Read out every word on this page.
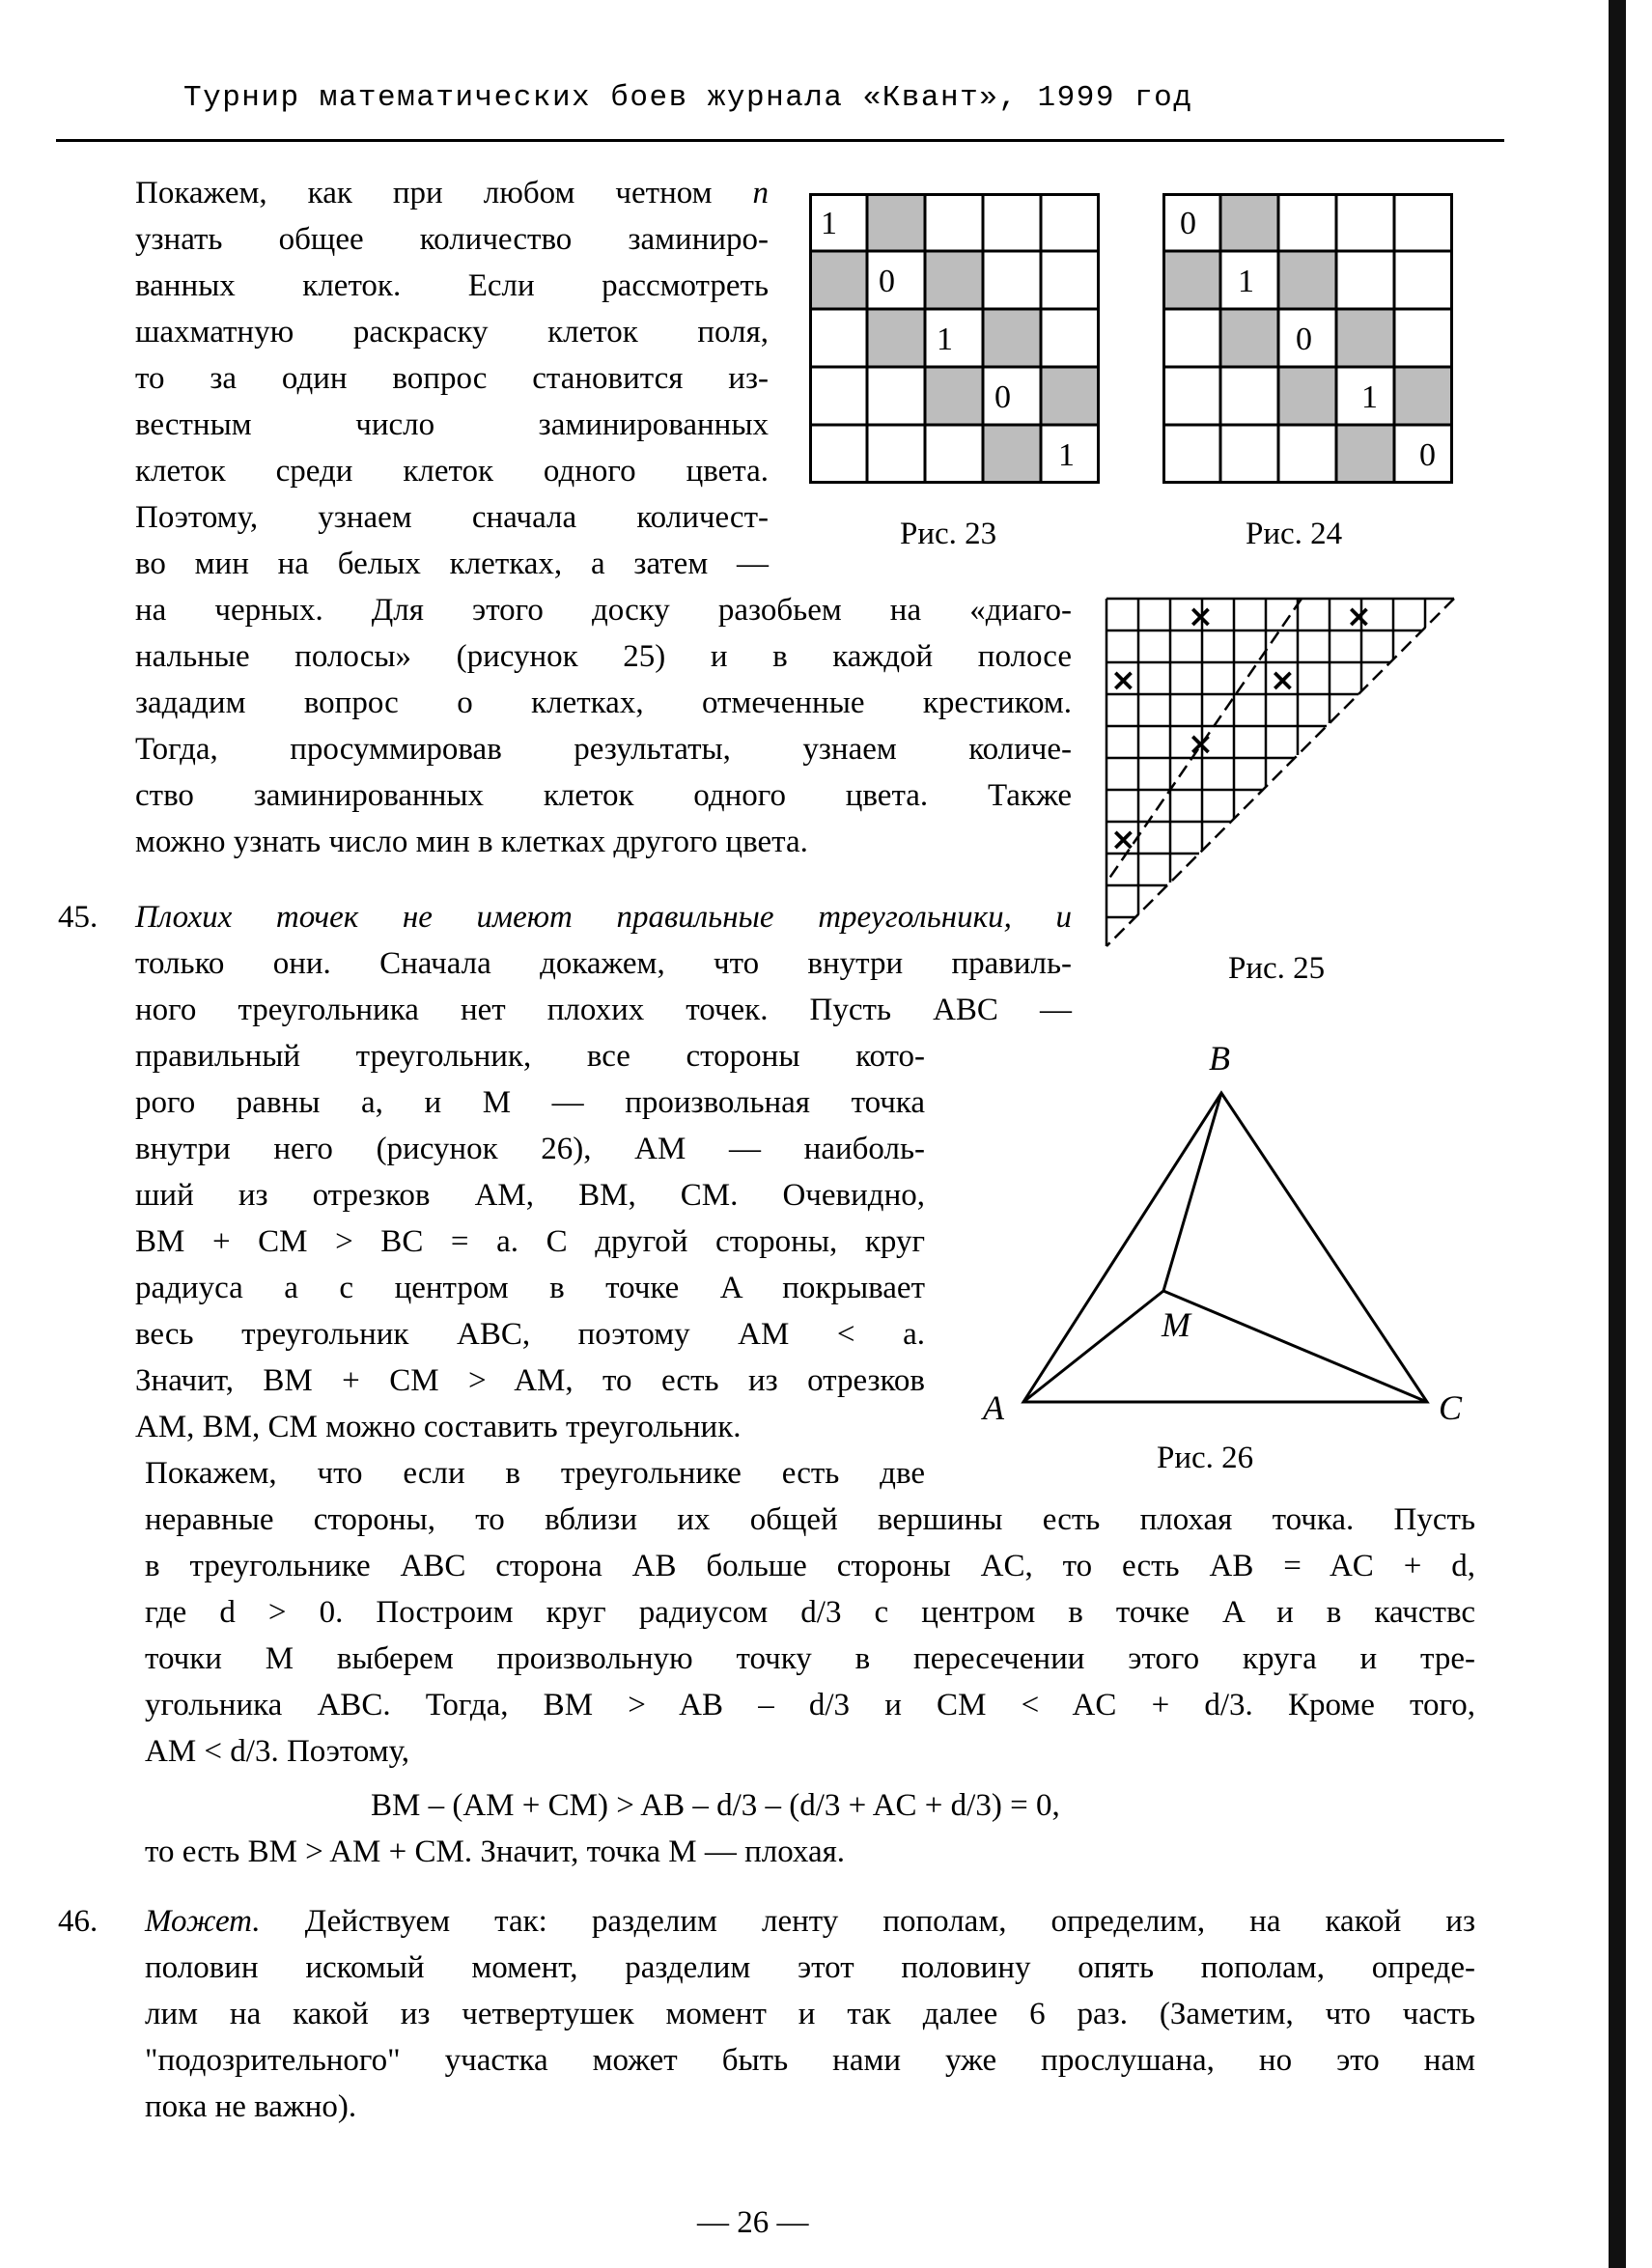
Турнир математических боев журнала «Квант», 1999 год
Покажем, как при любом четном n
узнать общее количество заминиро-
ванных клеток. Если рассмотреть
шахматную раскраску клеток поля,
то за один вопрос становится из-
вестным число заминированных
клеток среди клеток одного цвета.
Поэтому, узнаем сначала количест-
во мин на белых клетках, а затем —
на черных. Для этого доску разобьем на «диаго-
нальные полосы» (рисунок 25) и в каждой полосе
зададим вопрос о клетках, отмеченные крестиком.
Тогда, просуммировав результаты, узнаем количе-
ство заминированных клеток одного цвета. Также
можно узнать число мин в клетках другого цвета.
1
0
1
0
1
Рис. 23
0
1
0
1
0
Рис. 24
×	×
×	×
×
×
Рис. 25
45. Плохих точек не имеют правильные треугольники, и
только они. Сначала докажем, что внутри правиль-
ного треугольника нет плохих точек. Пусть ABC —
правильный треугольник, все стороны кото-
рого равны a, и M — произвольная точка
внутри него (рисунок 26), AM — наиболь-
ший из отрезков AM, BM, CM. Очевидно,
BM + CM > BC = a. С другой стороны, круг
радиуса a с центром в точке A покрывает
весь треугольник ABC, поэтому AM < a.
Значит, BM + CM > AM, то есть из отрезков
AM, BM, CM можно составить треугольник.
Покажем, что если в треугольнике есть две
неравные стороны, то вблизи их общей вершины есть плохая точка. Пусть
в треугольнике ABC сторона AB больше стороны AC, то есть AB = AC + d,
где d > 0. Построим круг радиусом d/3 с центром в точке A и в качствс
точки M выберем произвольную точку в пересечении этого круга и тре-
угольника ABC. Тогда, BM > AB – d/3 и CM < AC + d/3. Кроме того,
AM < d/3. Поэтому,
BM – (AM + CM) > AB – d/3 – (d/3 + AC + d/3) = 0,
то есть BM > AM + CM. Значит, точка M — плохая.
B
A	C
M
Рис. 26
46. Может. Действуем так: разделим ленту пополам, определим, на какой из
половин искомый момент, разделим этот половину опять пополам, опреде-
лим на какой из четвертушек момент и так далее 6 раз. (Заметим, что часть
"подозрительного" участка может быть нами уже прослушана, но это нам
пока не важно).
— 26 —
